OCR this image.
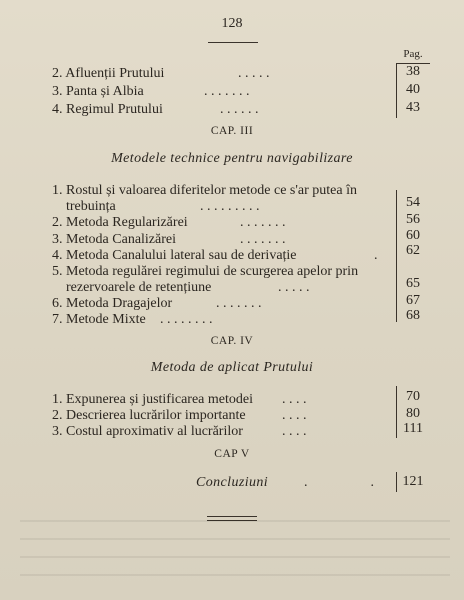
128
Pag.
2. Afluenții Prutului	. . . . .	38
3. Panta și Albia	. . . . . . .	40
4. Regimul Prutului	. . . . . .	43
CAP. III
Metodele technice pentru navigabilizare
1. Rostul și valoarea diferitelor metode ce s'ar putea în
trebuința	. . . . . . . . .	54
2. Metoda Regularizărei	. . . . . . .	56
3. Metoda Canalizărei	. . . . . . .	60
4. Metoda Canalului lateral sau de derivație	.	62
5. Metoda regulărei regimului de scurgerea apelor prin
rezervoarele de retențiune	. . . . .	65
6. Metoda Dragajelor	. . . . . . .	67
7. Metode Mixte . . . . . . . .	68
CAP. IV
Metoda de aplicat Prutului
1. Expunerea și justificarea metodei . . . .	70
2. Descrierea lucrărilor importante	. . . .	80
3. Costul aproximativ al lucrărilor	. . . .	111
CAP V
Concluziuni	.                  .	121
